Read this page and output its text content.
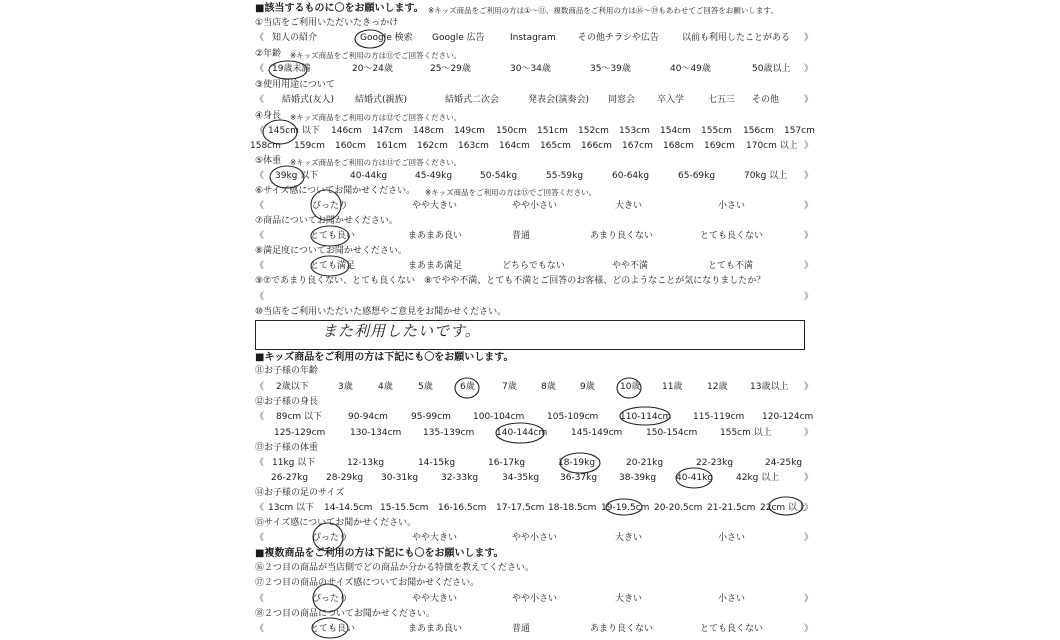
■該当するものに〇をお願いします。 ※キッズ商品をご利用の方は①～⑪、複数商品をご利用の方は⑯～⑲もあわせてご回答をお願いします。
①当店をご利用いただいたきっかけ
《 知人の紹介	Google 検索 Google 広告	Instagram その他チラシや広告	以前も利用したことがある 》
②年齢 ※キッズ商品をご利用の方は⑪でご回答ください。
《 19歳未満	20～24歳	25～29歳	30～34歳	35～39歳	40～49歳	50歳以上 》
③使用用途について
《 結婚式(友人) 結婚式(親族)	結婚式二次会	発表会(演奏会) 同窓会 卒入学	七五三 その他	》
④身長 ※キッズ商品をご利用の方は⑫でご回答ください。
《 145cm 以下 146cm 147cm 148cm 149cm 150cm 151cm 152cm 153cm 154cm 155cm 156cm 157cm
158cm 159cm 160cm 161cm 162cm 163cm 164cm 165cm 166cm 167cm 168cm 169cm 170cm 以上 》
⑤体重 ※キッズ商品をご利用の方は⑬でご回答ください。
《 39kg 以下	40-44kg	45-49kg	50-54kg	55-59kg	60-64kg	65-69kg	70kg 以上 》
⑥サイズ感についてお聞かせください。 ※キッズ商品をご利用の方は⑮でご回答ください。
《	ぴったり	やや大きい	やや小さい	大きい	小さい	》
⑦商品についてお聞かせください。
《	とても良い	まあまあ良い	普通	あまり良くない	とても良くない	》
⑧満足度についてお聞かせください。
《	とても満足	まあまあ満足	どちらでもない	やや不満	とても不満	》
⑨⑦であまり良くない、とても良くない　⑧でやや不満、とても不満とご回答のお客様、どのようなことが気になりましたか？
《	》
⑩当店をご利用いただいた感想やご意見をお聞かせください。
また利用したいです。
■キッズ商品をご利用の方は下記にも〇をお願いします。
⑪お子様の年齢
《 2歳以下	3歳	4歳	5歳	6歳	7歳	8歳	9歳	10歳 11歳	12歳	13歳以上 》
⑫お子様の身長
《 89cm 以下	90-94cm	95-99cm 100-104cm	105-109cm 110-114cm 115-119cm 120-124cm
125-129cm	130-134cm 135-139cm 140-144cm	145-149cm	150-154cm	155cm 以上	》
⑬お子様の体重
《 11kg 以下	12-13kg	14-15kg	16-17kg	18-19kg	20-21kg	22-23kg	24-25kg
26-27kg 28-29kg 30-31kg	32-33kg	34-35kg 36-37kg 38-39kg 40-41kg	42kg 以上	》
⑭お子様の足のサイズ
《 13cm 以下 14-14.5cm 15-15.5cm 16-16.5cm 17-17.5cm 18-18.5cm 19-19.5cm 20-20.5cm 21-21.5cm 22cm 以上
》
⑮サイズ感についてお聞かせください。
《	ぴったり	やや大きい	やや小さい	大きい	小さい	》
■複数商品をご利用の方は下記にも〇をお願いします。
⑯２つ目の商品が当店側でどの商品か分かる特徴を教えてください。
⑰２つ目の商品のサイズ感についてお聞かせください。
《	ぴったり	やや大きい	やや小さい	大きい	小さい	》
⑱２つ目の商品についてお聞かせください。
《	とても良い	まあまあ良い	普通	あまり良くない	とても良くない	》
